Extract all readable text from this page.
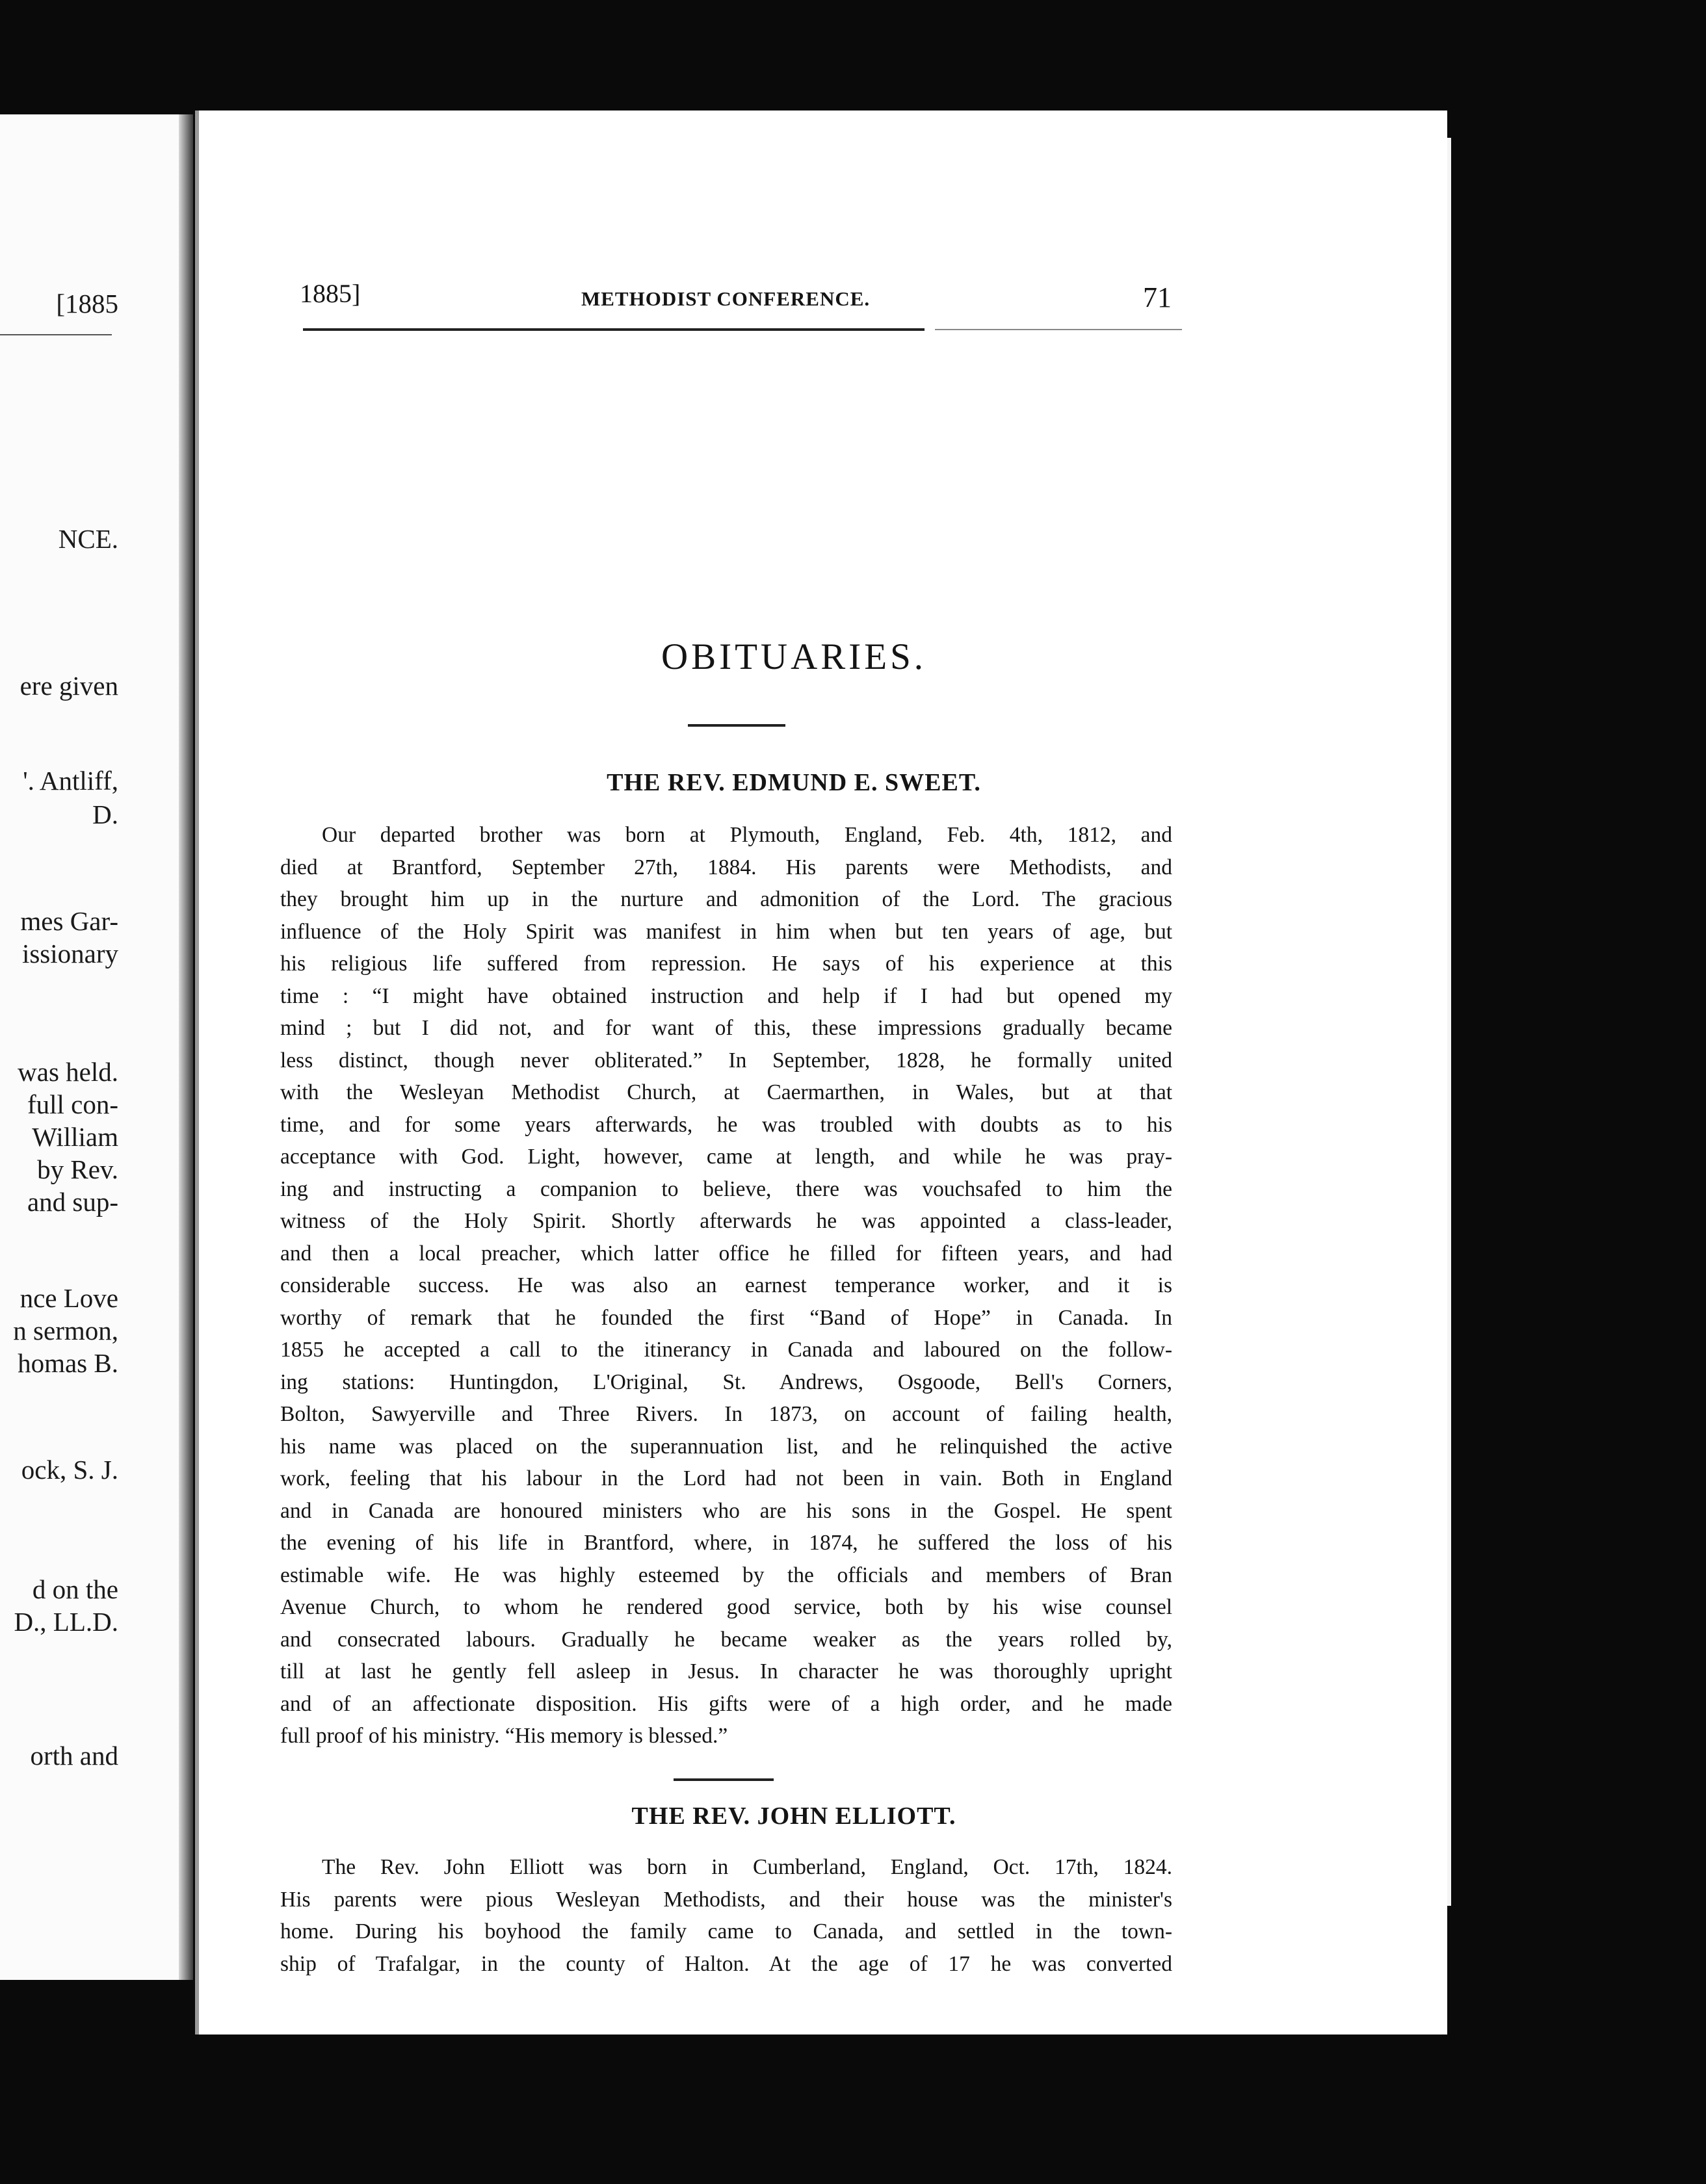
[1885
NCE.
ere given
'. Antliff,
D.
mes Gar-
issionary
was held.
full con-
William
by Rev.
and sup-
nce Love
n sermon,
homas B.
ock, S. J.
d on the
D., LL.D.
orth and
1885]	METHODIST CONFERENCE.	71
OBITUARIES.
THE REV. EDMUND E. SWEET.
Our departed brother was born at Plymouth, England, Feb. 4th, 1812, and
died at Brantford, September 27th, 1884. His parents were Methodists, and
they brought him up in the nurture and admonition of the Lord. The gracious
influence of the Holy Spirit was manifest in him when but ten years of age, but
his religious life suffered from repression. He says of his experience at this
time : “I might have obtained instruction and help if I had but opened my
mind ; but I did not, and for want of this, these impressions gradually became
less distinct, though never obliterated.” In September, 1828, he formally united
with the Wesleyan Methodist Church, at Caermarthen, in Wales, but at that
time, and for some years afterwards, he was troubled with doubts as to his
acceptance with God. Light, however, came at length, and while he was pray-
ing and instructing a companion to believe, there was vouchsafed to him the
witness of the Holy Spirit. Shortly afterwards he was appointed a class-leader,
and then a local preacher, which latter office he filled for fifteen years, and had
considerable success. He was also an earnest temperance worker, and it is
worthy of remark that he founded the first “Band of Hope” in Canada. In
1855 he accepted a call to the itinerancy in Canada and laboured on the follow-
ing stations: Huntingdon, L'Original, St. Andrews, Osgoode, Bell's Corners,
Bolton, Sawyerville and Three Rivers. In 1873, on account of failing health,
his name was placed on the superannuation list, and he relinquished the active
work, feeling that his labour in the Lord had not been in vain. Both in England
and in Canada are honoured ministers who are his sons in the Gospel. He spent
the evening of his life in Brantford, where, in 1874, he suffered the loss of his
estimable wife. He was highly esteemed by the officials and members of Bran
Avenue Church, to whom he rendered good service, both by his wise counsel
and consecrated labours. Gradually he became weaker as the years rolled by,
till at last he gently fell asleep in Jesus. In character he was thoroughly upright
and of an affectionate disposition. His gifts were of a high order, and he made
full proof of his ministry. “His memory is blessed.”
THE REV. JOHN ELLIOTT.
The Rev. John Elliott was born in Cumberland, England, Oct. 17th, 1824.
His parents were pious Wesleyan Methodists, and their house was the minister's
home. During his boyhood the family came to Canada, and settled in the town-
ship of Trafalgar, in the county of Halton. At the age of 17 he was converted
